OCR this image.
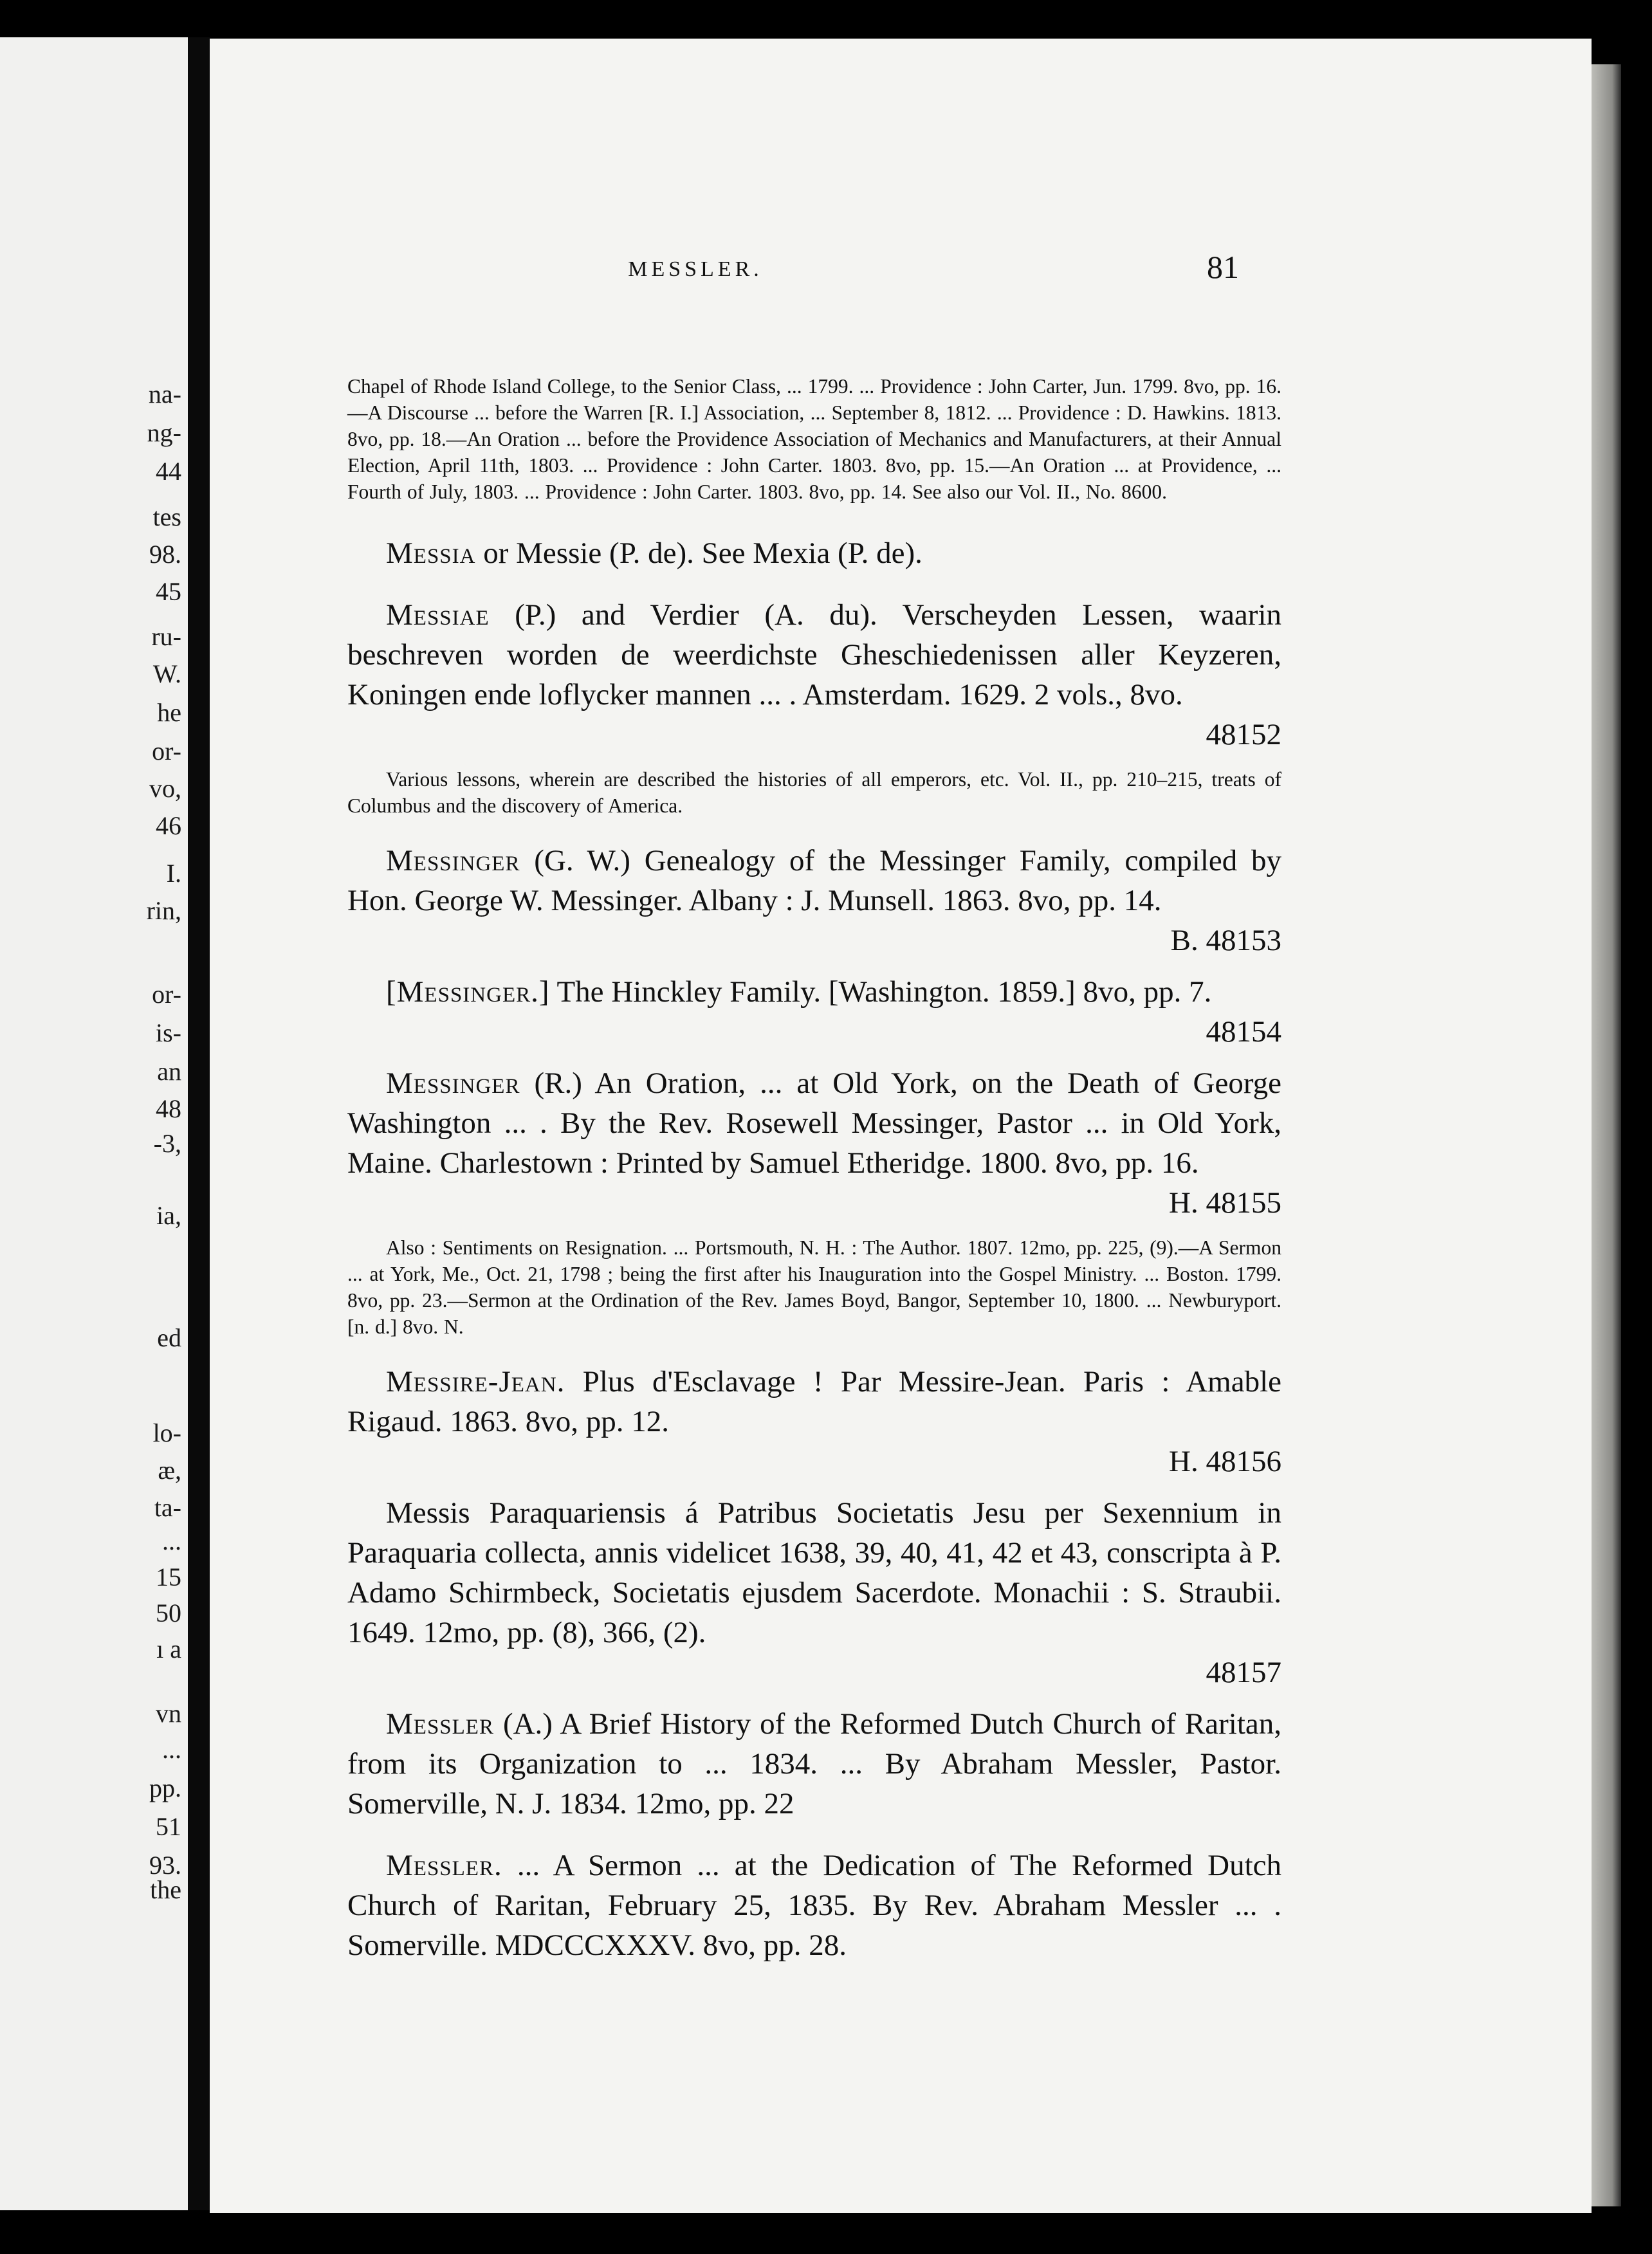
na-
ng-
44
tes
98.
45
ru-
W.
he
or-
vo,
46
I.
rin,
or-
is-
an
48
-3,
ia,
ed
lo-
æ,
ta-
...
15
50
ı a
vn
...
pp.
51
93.
the
MESSLER.	81

Chapel of Rhode Island College, to the Senior Class, ... 1799. ... Providence : John Carter, Jun. 1799. 8vo, pp. 16.—A Discourse ... before the Warren [R. I.] Association, ... September 8, 1812. ... Providence : D. Hawkins. 1813. 8vo, pp. 18.—An Oration ... before the Providence Association of Mechanics and Manufacturers, at their Annual Election, April 11th, 1803. ... Providence : John Carter. 1803. 8vo, pp. 15.—An Oration ... at Providence, ... Fourth of July, 1803. ... Providence : John Carter. 1803. 8vo, pp. 14. See also our Vol. II., No. 8600.

Messia or Messie (P. de). See Mexia (P. de).

Messiae (P.) and Verdier (A. du). Verscheyden Lessen, waarin beschreven worden de weerdichste Gheschiedenissen aller Keyzeren, Koningen ende loflycker mannen ... . Amsterdam. 1629. 2 vols., 8vo.

48152

Various lessons, wherein are described the histories of all emperors, etc. Vol. II., pp. 210–215, treats of Columbus and the discovery of America.

Messinger (G. W.) Genealogy of the Messinger Family, compiled by Hon. George W. Messinger. Albany : J. Munsell. 1863. 8vo, pp. 14.

B. 48153

[Messinger.] The Hinckley Family. [Washington. 1859.] 8vo, pp. 7.

48154

Messinger (R.) An Oration, ... at Old York, on the Death of George Washington ... . By the Rev. Rosewell Messinger, Pastor ... in Old York, Maine. Charlestown : Printed by Samuel Etheridge. 1800. 8vo, pp. 16.

H. 48155

Also : Sentiments on Resignation. ... Portsmouth, N. H. : The Author. 1807. 12mo, pp. 225, (9).—A Sermon ... at York, Me., Oct. 21, 1798 ; being the first after his Inauguration into the Gospel Ministry. ... Boston. 1799. 8vo, pp. 23.—Sermon at the Ordination of the Rev. James Boyd, Bangor, September 10, 1800. ... Newburyport. [n. d.] 8vo. N.

Messire-Jean. Plus d'Esclavage ! Par Messire-Jean. Paris : Amable Rigaud. 1863. 8vo, pp. 12.

H. 48156

Messis Paraquariensis á Patribus Societatis Jesu per Sexennium in Paraquaria collecta, annis videlicet 1638, 39, 40, 41, 42 et 43, conscripta à P. Adamo Schirmbeck, Societatis ejusdem Sacerdote. Monachii : S. Straubii. 1649. 12mo, pp. (8), 366, (2).

48157

Messler (A.) A Brief History of the Reformed Dutch Church of Raritan, from its Organization to ... 1834. ... By Abraham Messler, Pastor. Somerville, N. J. 1834. 12mo, pp. 22

Messler. ... A Sermon ... at the Dedication of The Reformed Dutch Church of Raritan, February 25, 1835. By Rev. Abraham Messler ... . Somerville. MDCCCXXXV. 8vo, pp. 28.
